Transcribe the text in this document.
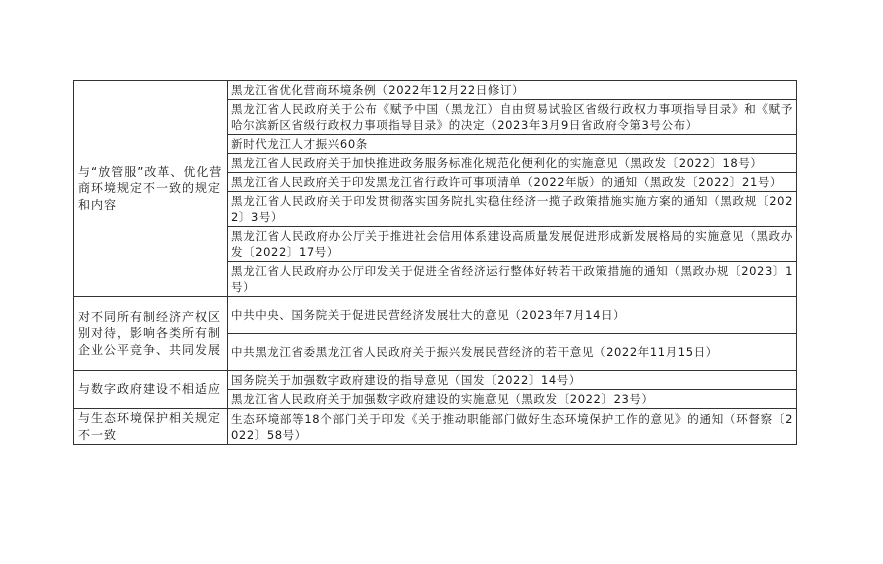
与“放管服”改革、优化营商环境规定不一致的规定和内容	黑龙江省优化营商环境条例（2022年12月22日修订）
	黑龙江省人民政府关于公布《赋予中国（黑龙江）自由贸易试验区省级行政权力事项指导目录》和《赋予哈尔滨新区省级行政权力事项指导目录》的决定（2023年3月9日省政府令第3号公布）
	新时代龙江人才振兴60条
	黑龙江省人民政府关于加快推进政务服务标准化规范化便利化的实施意见（黑政发〔2022〕18号）
	黑龙江省人民政府关于印发黑龙江省行政许可事项清单（2022年版）的通知（黑政发〔2022〕21号）
	黑龙江省人民政府关于印发贯彻落实国务院扎实稳住经济一揽子政策措施实施方案的通知（黑政规〔2022〕3号）
	黑龙江省人民政府办公厅关于推进社会信用体系建设高质量发展促进形成新发展格局的实施意见（黑政办发〔2022〕17号）
	黑龙江省人民政府办公厅印发关于促进全省经济运行整体好转若干政策措施的通知（黑政办规〔2023〕1号）
对不同所有制经济产权区别对待，影响各类所有制企业公平竞争、共同发展	中共中央、国务院关于促进民营经济发展壮大的意见（2023年7月14日）
	中共黑龙江省委黑龙江省人民政府关于振兴发展民营经济的若干意见（2022年11月15日）
与数字政府建设不相适应	国务院关于加强数字政府建设的指导意见（国发〔2022〕14号）
	黑龙江省人民政府关于加强数字政府建设的实施意见（黑政发〔2022〕23号）
与生态环境保护相关规定不一致	生态环境部等18个部门关于印发《关于推动职能部门做好生态环境保护工作的意见》的通知（环督察〔2022〕58号）
